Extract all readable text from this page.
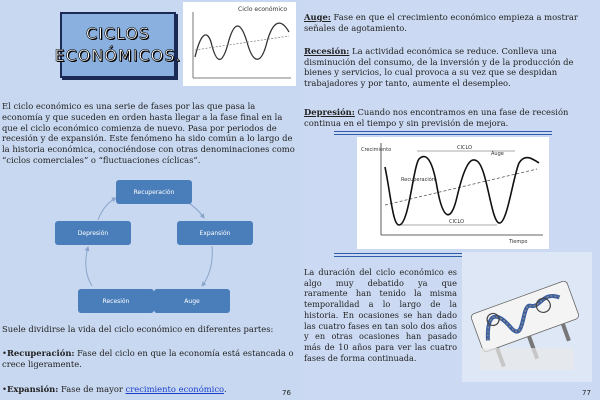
CICLOS ECONÓMICOS.
Ciclo económico

El ciclo económico es una serie de fases por las que pasa la economía y que suceden en orden hasta llegar a la fase final en la que el ciclo económico comienza de nuevo. Pasa por periodos de recesión y de expansión. Este fenómeno ha sido común a lo largo de la historia económica, conociéndose con otras denominaciones como “ciclos comerciales” o “fluctuaciones cíclicas”.

Recuperación
Expansión
Auge
Recesión
Depresión

Suele dividirse la vida del ciclo económico en diferentes partes:

•Recuperación: Fase del ciclo en que la economía está estancada o crece ligeramente.

•Expansión: Fase de mayor crecimiento económico.	76

Auge: Fase en que el crecimiento económico empieza a mostrar señales de agotamiento.

Recesión: La actividad económica se reduce. Conlleva una disminución del consumo, de la inversión y de la producción de bienes y servicios, lo cual provoca a su vez que se despidan trabajadores y por tanto, aumente el desempleo.

Depresión: Cuando nos encontramos en una fase de recesión continua en el tiempo y sin previsión de mejora.

Crecimiento
Tiempo
CICLO
CICLO
Auge
Recuperación

La duración del ciclo económico es algo muy debatido ya que raramente han tenido la misma temporalidad a lo largo de la historia. En ocasiones se han dado las cuatro fases en tan solo dos años y en otras ocasiones han pasado más de 10 años para ver las cuatro fases de forma continuada.

77
